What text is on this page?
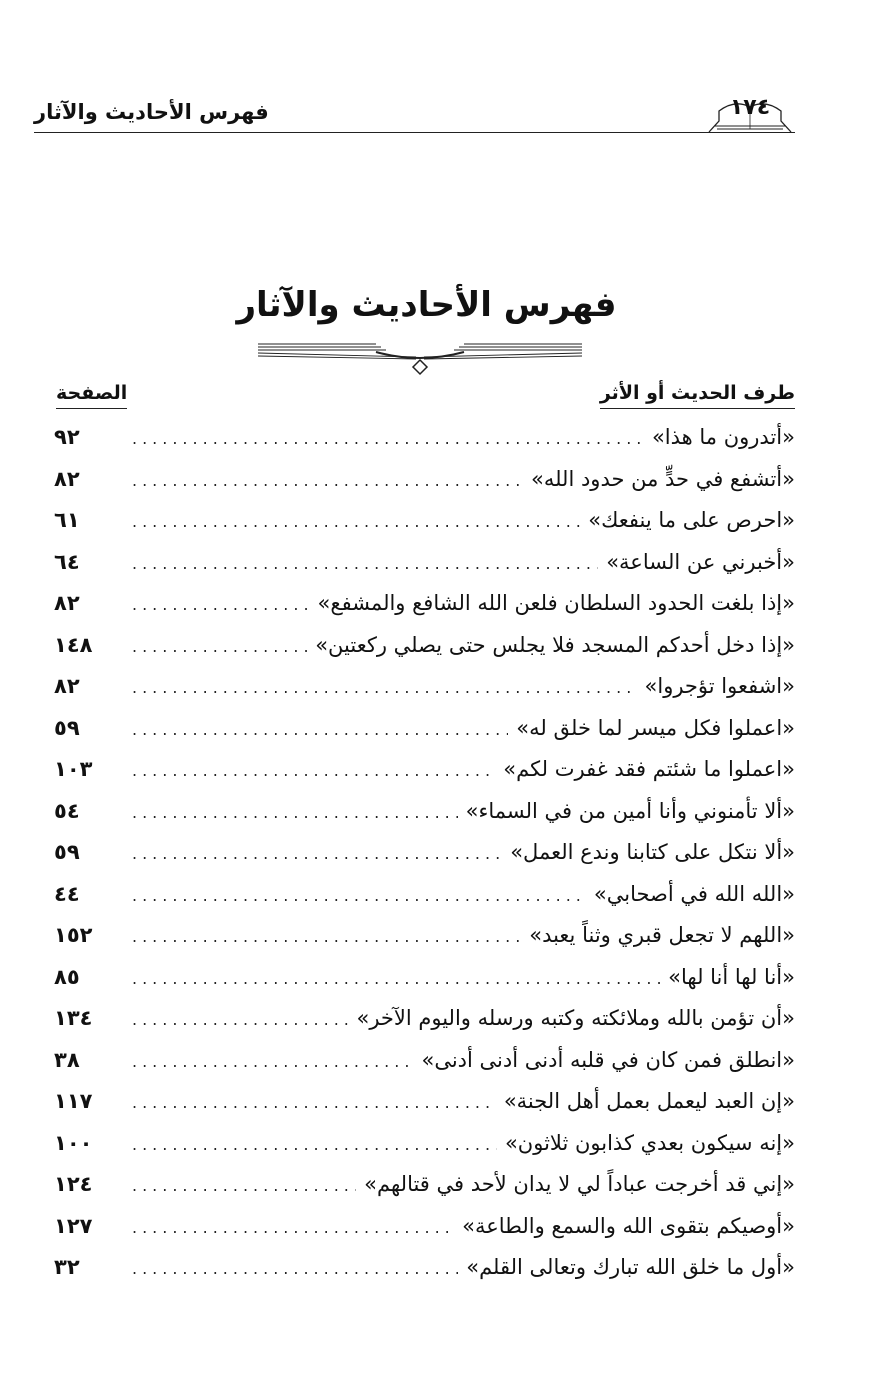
فهرس الأحاديث والآثار	١٧٤
فهرس الأحاديث والآثار
طرف الحديث أو الأثر
الصفحة
«أتدرون ما هذا»
.....
٩٢
«أتشفع في حدٍّ من حدود الله»
.....
٨٢
«احرص على ما ينفعك»
.....
٦١
«أخبرني عن الساعة»
.....
٦٤
«إذا بلغت الحدود السلطان فلعن الله الشافع والمشفع»
.....
٨٢
«إذا دخل أحدكم المسجد فلا يجلس حتى يصلي ركعتين»
.....
١٤٨
«اشفعوا تؤجروا»
.....
٨٢
«اعملوا فكل ميسر لما خلق له»
.....
٥٩
«اعملوا ما شئتم فقد غفرت لكم»
.....
١٠٣
«ألا تأمنوني وأنا أمين من في السماء»
.....
٥٤
«ألا نتكل على كتابنا وندع العمل»
.....
٥٩
«الله الله في أصحابي»
.....
٤٤
«اللهم لا تجعل قبري وثناً يعبد»
.....
١٥٢
«أنا لها أنا لها»
.....
٨٥
«أن تؤمن بالله وملائكته وكتبه ورسله واليوم الآخر»
.....
١٣٤
«انطلق فمن كان في قلبه أدنى أدنى أدنى»
.....
٣٨
«إن العبد ليعمل بعمل أهل الجنة»
.....
١١٧
«إنه سيكون بعدي كذابون ثلاثون»
.....
١٠٠
«إني قد أخرجت عباداً لي لا يدان لأحد في قتالهم»
.....
١٢٤
«أوصيكم بتقوى الله والسمع والطاعة»
.....
١٢٧
«أول ما خلق الله تبارك وتعالى القلم»
.....
٣٢
